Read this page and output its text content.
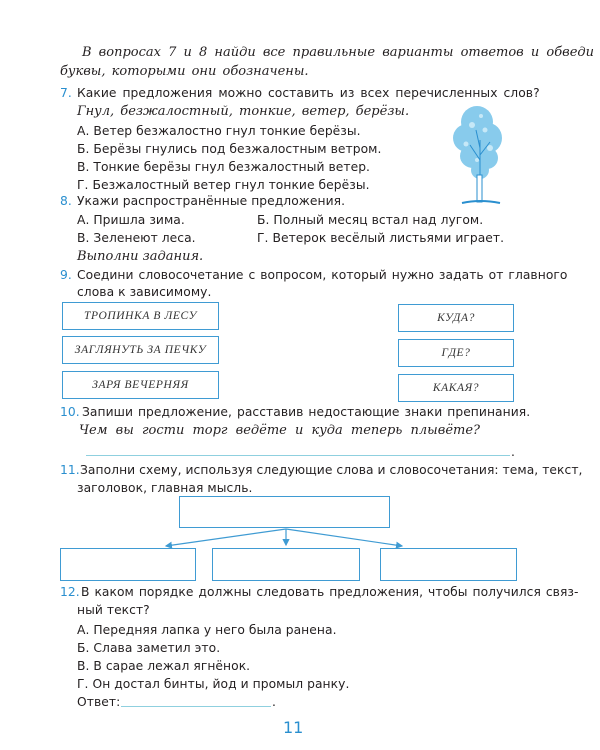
В вопросах 7 и 8 найди все правильные варианты ответов и обведи
буквы, которыми они обозначены.
7. Какие предложения можно составить из всех перечисленных слов?
Гнул, безжалостный, тонкие, ветер, берёзы.
А. Ветер безжалостно гнул тонкие берёзы.
Б. Берёзы гнулись под безжалостным ветром.
В. Тонкие берёзы гнул безжалостный ветер.
Г. Безжалостный ветер гнул тонкие берёзы.
8. Укажи распространённые предложения.
А. Пришла зима.	Б. Полный месяц встал над лугом.
В. Зеленеют леса.	Г. Ветерок весёлый листьями играет.
Выполни задания.
9. Соедини словосочетание с вопросом, который нужно задать от главного
слова к зависимому.
ТРОПИНКА В ЛЕСУ
ЗАГЛЯНУТЬ ЗА ПЕЧКУ
ЗАРЯ ВЕЧЕРНЯЯ
КУДА?
ГДЕ?
КАКАЯ?
10. Запиши предложение, расставив недостающие знаки препинания.
Чем вы гости торг ведёте и куда теперь плывёте?
.
11. Заполни схему, используя следующие слова и словосочетания: тема, текст,
заголовок, главная мысль.
12. В каком порядке должны следовать предложения, чтобы получился связ-
ный текст?
А. Передняя лапка у него была ранена.
Б. Слава заметил это.
В. В сарае лежал ягнёнок.
Г. Он достал бинты, йод и промыл ранку.
Ответ:	.
11
